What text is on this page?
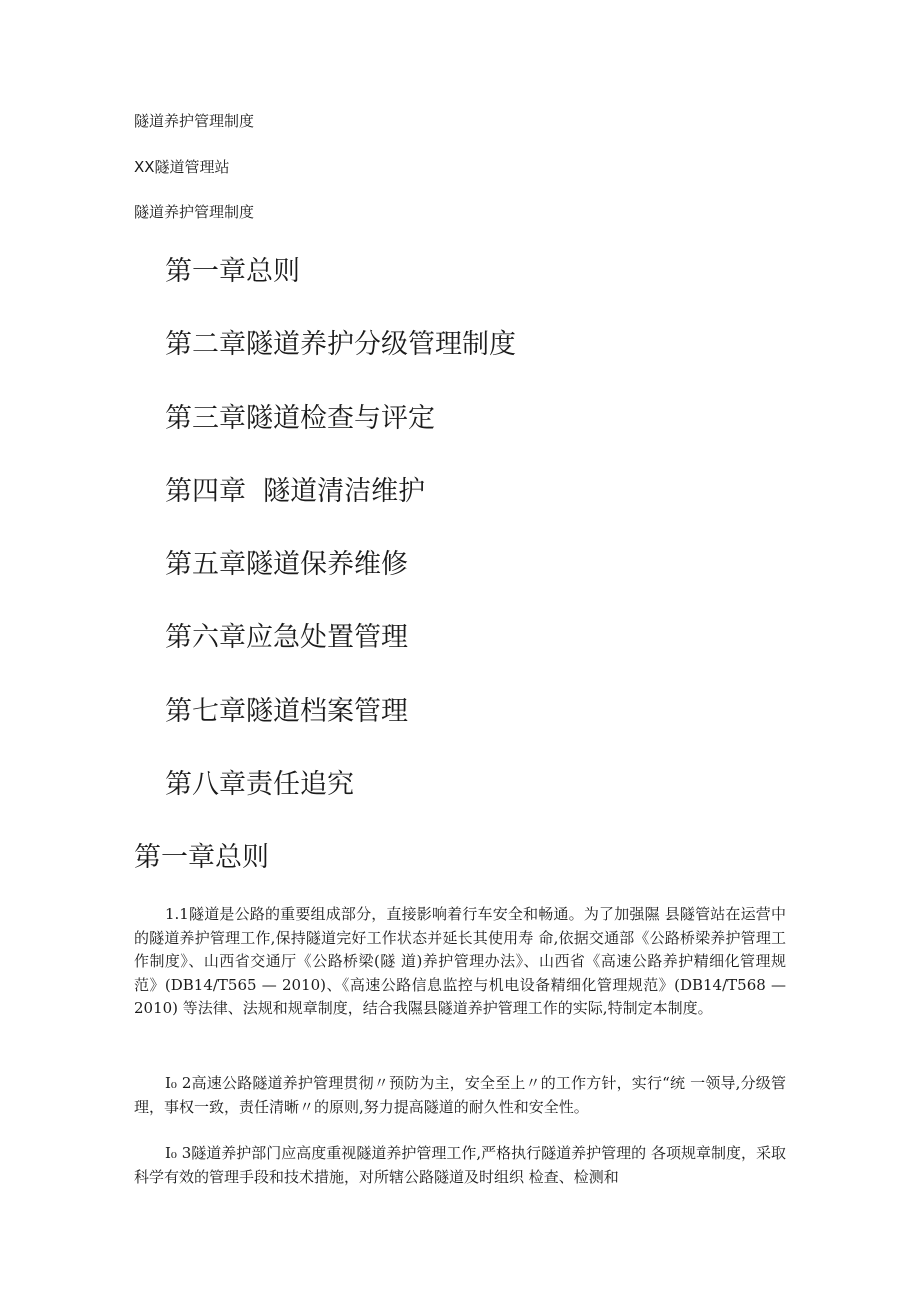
隧道养护管理制度
XX隧道管理站
隧道养护管理制度
第一章总则
第二章隧道养护分级管理制度
第三章隧道检查与评定
第四章  隧道清洁维护
第五章隧道保养维修
第六章应急处置管理
第七章隧道档案管理
第八章责任追究
第一章总则

1.1隧道是公路的重要组成部分，直接影响着行车安全和畅通。为了加强隰 县隧管站在运营中的隧道养护管理工作,保持隧道完好工作状态并延长其使用寿 命,依据交通部《公路桥梁养护管理工作制度》、山西省交通厅《公路桥梁(隧 道)养护管理办法》、山西省《高速公路养护精细化管理规范》(DB14/T565 — 2010)、《高速公路信息监控与机电设备精细化管理规范》(DB14/T568 —2010) 等法律、法规和规章制度，结合我隰县隧道养护管理工作的实际,特制定本制度。

I₀ 2高速公路隧道养护管理贯彻〃预防为主，安全至上〃的工作方针，实行“统 一领导,分级管理，事权一致，责任清晰〃的原则,努力提高隧道的耐久性和安全性。

I₀ 3隧道养护部门应高度重视隧道养护管理工作,严格执行隧道养护管理的 各项规章制度，采取科学有效的管理手段和技术措施，对所辖公路隧道及时组织 检查、检测和
